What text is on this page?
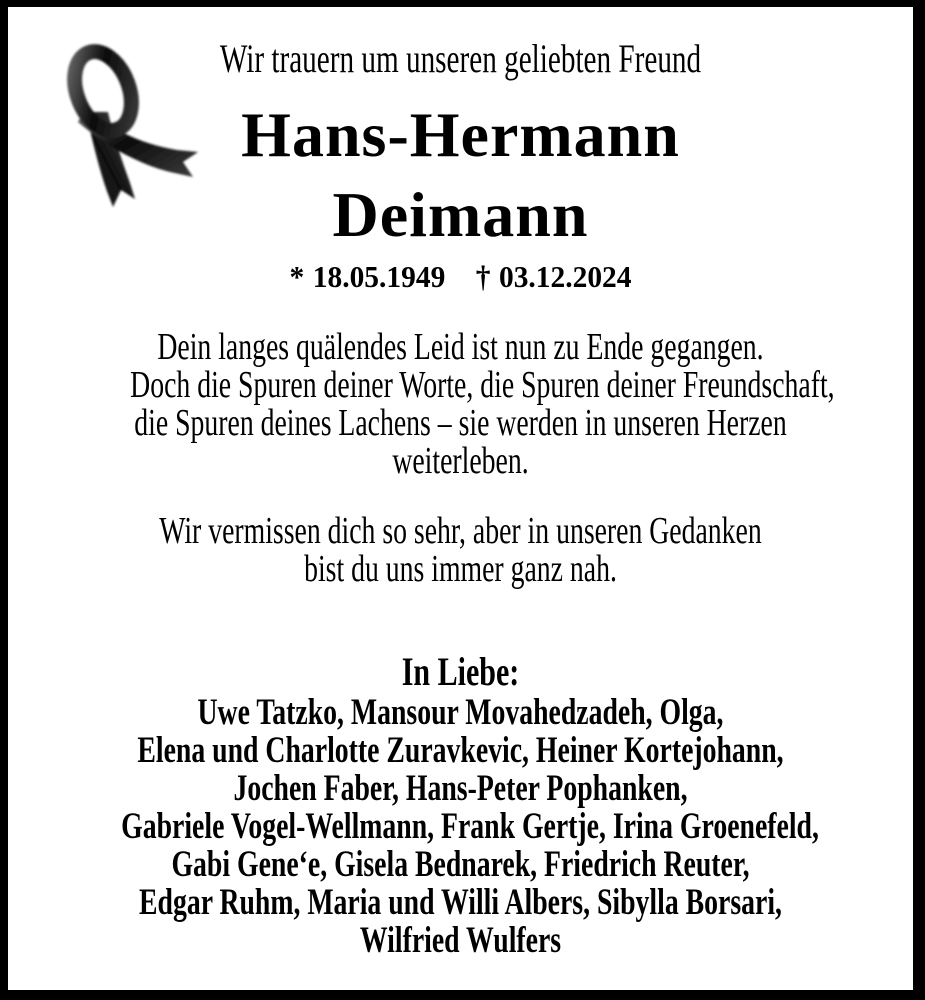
Wir trauern um unseren geliebten Freund
Hans-Hermann
Deimann
* 18.05.1949 † 03.12.2024
Dein langes quälendes Leid ist nun zu Ende gegangen.
Doch die Spuren deiner Worte, die Spuren deiner Freundschaft,
die Spuren deines Lachens – sie werden in unseren Herzen
weiterleben.
Wir vermissen dich so sehr, aber in unseren Gedanken
bist du uns immer ganz nah.
In Liebe:
Uwe Tatzko, Mansour Movahedzadeh, Olga,
Elena und Charlotte Zuravkevic, Heiner Kortejohann,
Jochen Faber, Hans-Peter Pophanken,
Gabriele Vogel-Wellmann, Frank Gertje, Irina Groenefeld,
Gabi Gene‘e, Gisela Bednarek, Friedrich Reuter,
Edgar Ruhm, Maria und Willi Albers, Sibylla Borsari,
Wilfried Wulfers
